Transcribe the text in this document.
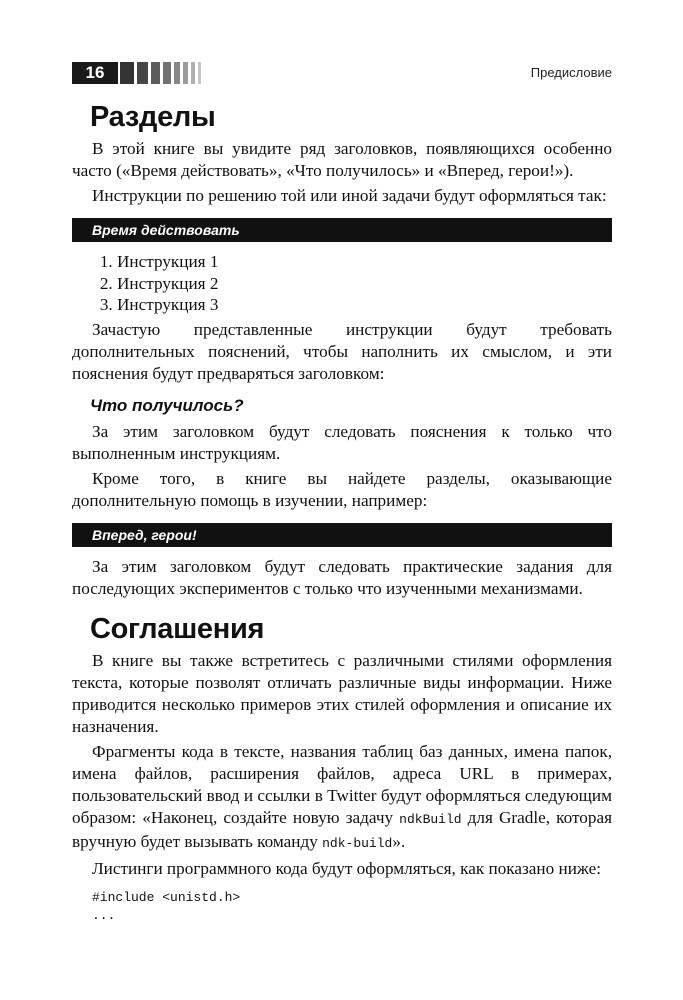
16	Предисловие
Разделы

В этой книге вы увидите ряд заголовков, появляющихся особенно часто («Время действовать», «Что получилось» и «Вперед, герои!»).

Инструкции по решению той или иной задачи будут оформляться так:

Время действовать
1. Инструкция 1
2. Инструкция 2
3. Инструкция 3

Зачастую представленные инструкции будут требовать дополнительных пояснений, чтобы наполнить их смыслом, и эти пояснения будут предваряться заголовком:

Что получилось?

За этим заголовком будут следовать пояснения к только что выполненным инструкциям.

Кроме того, в книге вы найдете разделы, оказывающие дополнительную помощь в изучении, например:

Вперед, герои!

За этим заголовком будут следовать практические задания для последующих экспериментов с только что изученными механизмами.

Соглашения

В книге вы также встретитесь с различными стилями оформления текста, которые позволят отличать различные виды информации. Ниже приводится несколько примеров этих стилей оформления и описание их назначения.

Фрагменты кода в тексте, названия таблиц баз данных, имена папок, имена файлов, расширения файлов, адреса URL в примерах, пользовательский ввод и ссылки в Twitter будут оформляться следующим образом: «Наконец, создайте новую задачу ndkBuild для Gradle, которая вручную будет вызывать команду ndk-build».

Листинги программного кода будут оформляться, как показано ниже:

#include <unistd.h>
...
